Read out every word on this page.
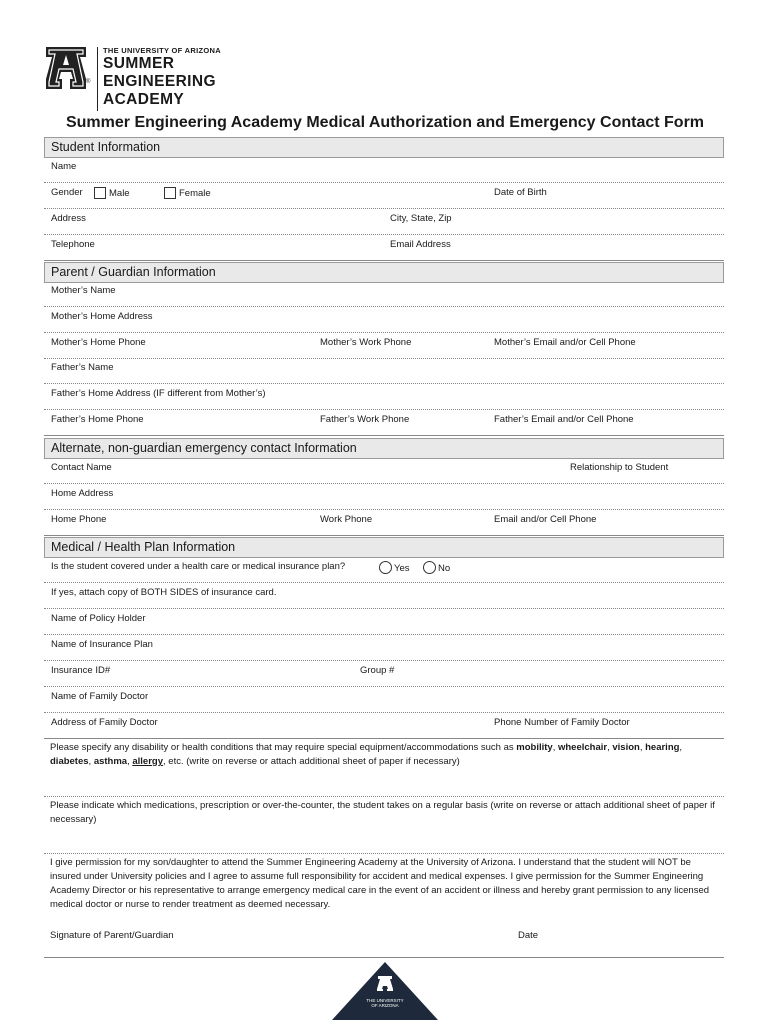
®
THE UNIVERSITY OF ARIZONA
SUMMER
ENGINEERING
ACADEMY
Summer Engineering Academy Medical Authorization and Emergency Contact Form
Student Information
Name
Gender	Male	Female	Date of Birth
Address	City, State, Zip
Telephone	Email Address
Parent / Guardian Information
Mother’s Name
Mother’s Home Address
Mother’s Home Phone	Mother’s Work Phone	Mother’s Email and/or Cell Phone
Father’s Name
Father’s Home Address (IF different from Mother’s)
Father’s Home Phone	Father’s Work Phone	Father’s Email and/or Cell Phone
Alternate, non-guardian emergency contact Information
Contact Name	Relationship to Student
Home Address
Home Phone	Work Phone	Email and/or Cell Phone
Medical / Health Plan Information
Is the student covered under a health care or medical insurance plan?	Yes	No
If yes, attach copy of BOTH SIDES of insurance card.
Name of Policy Holder
Name of Insurance Plan
Insurance ID#	Group #
Name of Family Doctor
Address of Family Doctor	Phone Number of Family Doctor
Please specify any disability or health conditions that may require special equipment/accommodations such as mobility, wheelchair, vision, hearing, diabetes, asthma, allergy, etc. (write on reverse or attach additional sheet of paper if necessary)
Please indicate which medications, prescription or over-the-counter, the student takes on a regular basis (write on reverse or attach additional sheet of paper if necessary)
I give permission for my son/daughter to attend the Summer Engineering Academy at the University of Arizona. I understand that the student will NOT be insured under University policies and I agree to assume full responsibility for accident and medical expenses. I give permission for the Summer Engineering Academy Director or his representative to arrange emergency medical care in the event of an accident or illness and hereby grant permission to any licensed medical doctor or nurse to render treatment as deemed necessary.
Signature of Parent/Guardian	Date
THE UNIVERSITY
OF ARIZONA
